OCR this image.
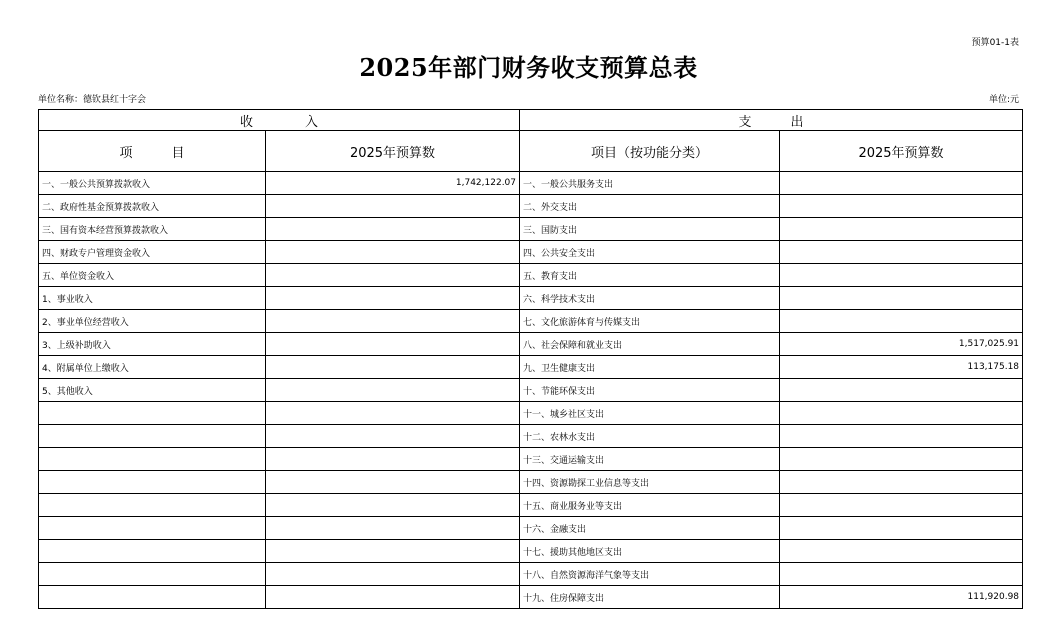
预算01-1表
2025年部门财务收支预算总表
单位名称：德钦县红十字会	单位:元
收　　　　入		支　　　出	
项　　　目	2025年预算数	项目（按功能分类）	2025年预算数
一、一般公共预算拨款收入	1,742,122.07	一、一般公共服务支出	
二、政府性基金预算拨款收入		二、外交支出	
三、国有资本经营预算拨款收入		三、国防支出	
四、财政专户管理资金收入		四、公共安全支出	
五、单位资金收入		五、教育支出	
1、事业收入		六、科学技术支出	
2、事业单位经营收入		七、文化旅游体育与传媒支出	
3、上级补助收入		八、社会保障和就业支出	1,517,025.91
4、附属单位上缴收入		九、卫生健康支出	113,175.18
5、其他收入		十、节能环保支出	
		十一、城乡社区支出	
		十二、农林水支出	
		十三、交通运输支出	
		十四、资源勘探工业信息等支出	
		十五、商业服务业等支出	
		十六、金融支出	
		十七、援助其他地区支出	
		十八、自然资源海洋气象等支出	
		十九、住房保障支出	111,920.98
